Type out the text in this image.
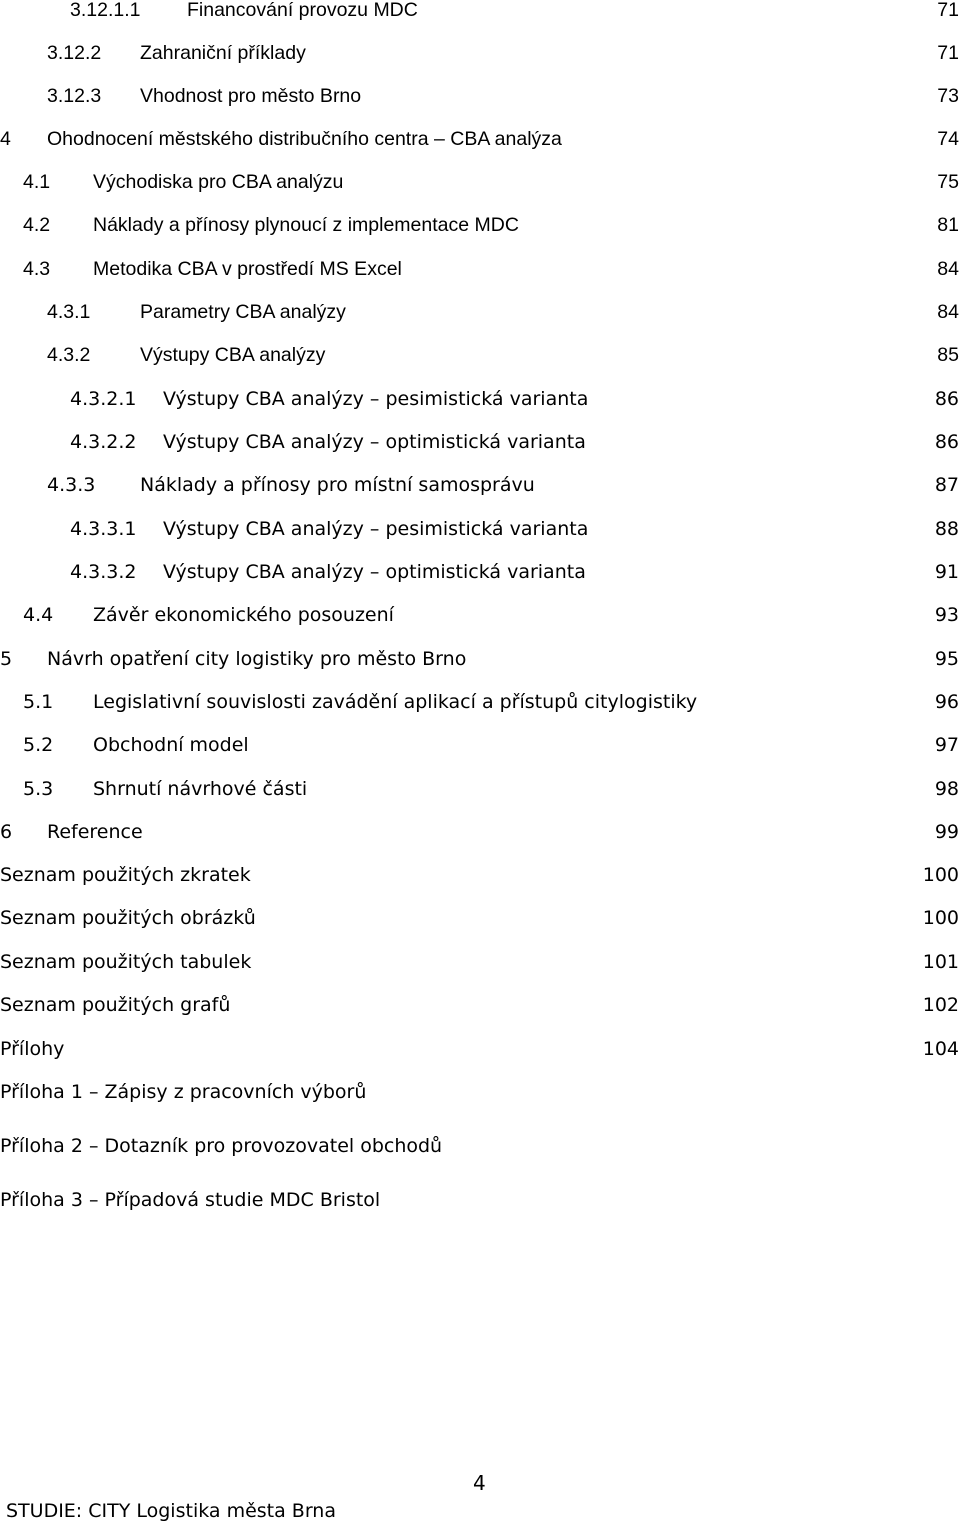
3.12.1.1 Financování provozu MDC	71
3.12.2 Zahraniční příklady	71
3.12.3 Vhodnost pro město Brno	73
4 Ohodnocení městského distribučního centra – CBA analýza	74
4.1 Východiska pro CBA analýzu	75
4.2 Náklady a přínosy plynoucí z implementace MDC	81
4.3 Metodika CBA v prostředí MS Excel	84
4.3.1	Parametry CBA analýzy	84
4.3.2	Výstupy CBA analýzy	85
4.3.2.1 Výstupy CBA analýzy – pesimistická varianta	86
4.3.2.2 Výstupy CBA analýzy – optimistická varianta	86
4.3.3 Náklady a přínosy pro místní samosprávu	87
4.3.3.1 Výstupy CBA analýzy – pesimistická varianta	88
4.3.3.2 Výstupy CBA analýzy – optimistická varianta	91
4.4 Závěr ekonomického posouzení	93
5 Návrh opatření city logistiky pro město Brno	95
5.1 Legislativní souvislosti zavádění aplikací a přístupů citylogistiky	96
5.2 Obchodní model	97
5.3 Shrnutí návrhové části	98
6 Reference	99
Seznam použitých zkratek	100
Seznam použitých obrázků	100
Seznam použitých tabulek	101
Seznam použitých grafů	102
Přílohy	104
Příloha 1 – Zápisy z pracovních výborů
Příloha 2 – Dotazník pro provozovatel obchodů
Příloha 3 – Případová studie MDC Bristol
4
STUDIE: CITY Logistika města Brna
